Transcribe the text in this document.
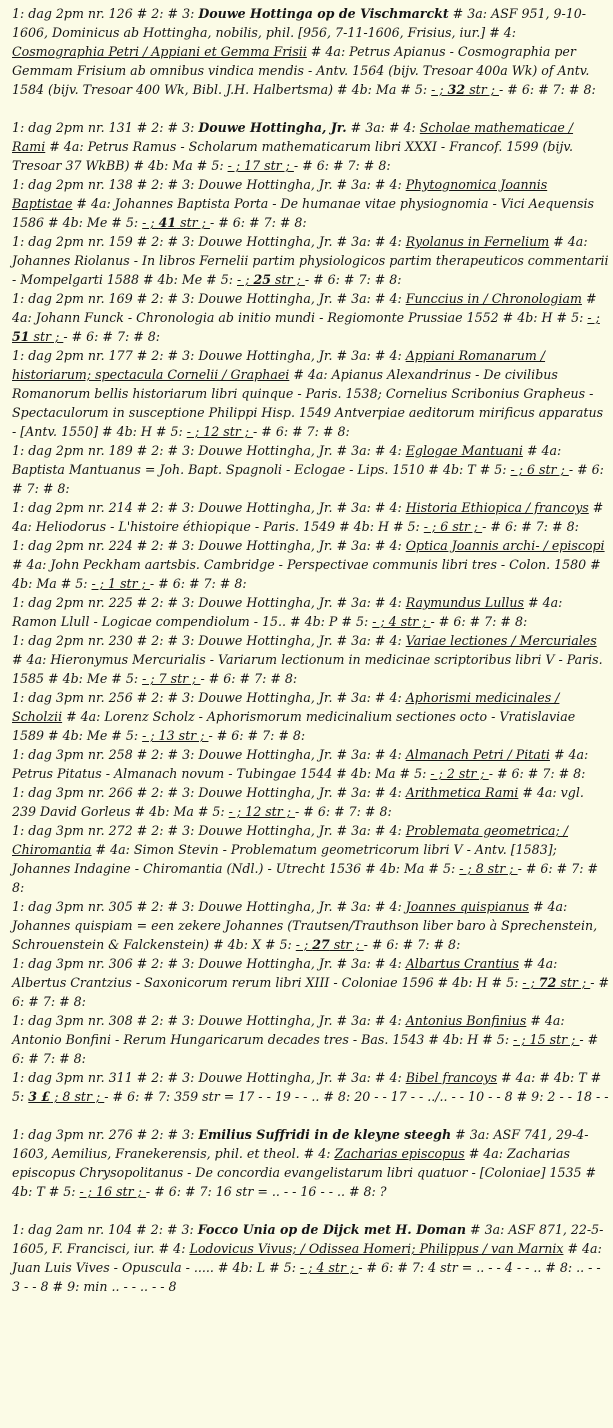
1: dag 2pm nr. 126 # 2: # 3: Douwe Hottinga op de Vischmarckt # 3a: ASF 951, 9-10-1606, Dominicus ab Hottingha, nobilis, phil. [956, 7-11-1606, Frisius, iur.] # 4: Cosmographia Petri / Appiani et Gemma Frisii # 4a: Petrus Apianus - Cosmographia per Gemmam Frisium ab omnibus vindica mendis - Antv. 1564 (bijv. Tresoar 400a Wk) of Antv. 1584 (bijv. Tresoar 400 Wk, Bibl. J.H. Halbertsma) # 4b: Ma # 5: - ; 32 str ; - # 6: # 7: # 8:

1: dag 2pm nr. 131 # 2: # 3: Douwe Hottingha, Jr. # 3a: # 4: Scholae mathematicae / Rami # 4a: Petrus Ramus - Scholarum mathematicarum libri XXXI - Francof. 1599 (bijv. Tresoar 37 WkBB) # 4b: Ma # 5: - ; 17 str ; - # 6: # 7: # 8:

1: dag 2pm nr. 138 # 2: # 3: Douwe Hottingha, Jr. # 3a: # 4: Phytognomica Joannis Baptistae # 4a: Johannes Baptista Porta - De humanae vitae physiognomia - Vici Aequensis 1586 # 4b: Me # 5: - ; 41 str ; - # 6: # 7: # 8:

1: dag 2pm nr. 159 # 2: # 3: Douwe Hottingha, Jr. # 3a: # 4: Ryolanus in Fernelium # 4a: Johannes Riolanus - In libros Fernelii partim physiologicos partim therapeuticos commentarii - Mompelgarti 1588 # 4b: Me # 5: - ; 25 str ; - # 6: # 7: # 8:

1: dag 2pm nr. 169 # 2: # 3: Douwe Hottingha, Jr. # 3a: # 4: Funccius in / Chronologiam # 4a: Johann Funck - Chronologia ab initio mundi - Regiomonte Prussiae 1552 # 4b: H # 5: - ; 51 str ; - # 6: # 7: # 8:

1: dag 2pm nr. 177 # 2: # 3: Douwe Hottingha, Jr. # 3a: # 4: Appiani Romanarum / historiarum; spectacula Cornelii / Graphaei # 4a: Apianus Alexandrinus - De civilibus Romanorum bellis historiarum libri quinque - Paris. 1538; Cornelius Scribonius Grapheus - Spectaculorum in susceptione Philippi Hisp. 1549 Antverpiae aeditorum mirificus apparatus - [Antv. 1550] # 4b: H # 5: - ; 12 str ; - # 6: # 7: # 8:

1: dag 2pm nr. 189 # 2: # 3: Douwe Hottingha, Jr. # 3a: # 4: Eglogae Mantuani # 4a: Baptista Mantuanus = Joh. Bapt. Spagnoli - Eclogae - Lips. 1510 # 4b: T # 5: - ; 6 str ; - # 6: # 7: # 8:

1: dag 2pm nr. 214 # 2: # 3: Douwe Hottingha, Jr. # 3a: # 4: Historia Ethiopica / francoys # 4a: Heliodorus - L'histoire éthiopique - Paris. 1549 # 4b: H # 5: - ; 6 str ; - # 6: # 7: # 8:

1: dag 2pm nr. 224 # 2: # 3: Douwe Hottingha, Jr. # 3a: # 4: Optica Joannis archi- / episcopi # 4a: John Peckham aartsbis. Cambridge - Perspectivae communis libri tres - Colon. 1580 # 4b: Ma # 5: - ; 1 str ; - # 6: # 7: # 8:

1: dag 2pm nr. 225 # 2: # 3: Douwe Hottingha, Jr. # 3a: # 4: Raymundus Lullus # 4a: Ramon Llull - Logicae compendiolum - 15.. # 4b: P # 5: - ; 4 str ; - # 6: # 7: # 8:

1: dag 2pm nr. 230 # 2: # 3: Douwe Hottingha, Jr. # 3a: # 4: Variae lectiones / Mercuriales # 4a: Hieronymus Mercurialis - Variarum lectionum in medicinae scriptoribus libri V - Paris. 1585 # 4b: Me # 5: - ; 7 str ; - # 6: # 7: # 8:

1: dag 3pm nr. 256 # 2: # 3: Douwe Hottingha, Jr. # 3a: # 4: Aphorismi medicinales / Scholzii # 4a: Lorenz Scholz - Aphorismorum medicinalium sectiones octo - Vratislaviae 1589 # 4b: Me # 5: - ; 13 str ; - # 6: # 7: # 8:

1: dag 3pm nr. 258 # 2: # 3: Douwe Hottingha, Jr. # 3a: # 4: Almanach Petri / Pitati # 4a: Petrus Pitatus - Almanach novum - Tubingae 1544 # 4b: Ma # 5: - ; 2 str ; - # 6: # 7: # 8:

1: dag 3pm nr. 266 # 2: # 3: Douwe Hottingha, Jr. # 3a: # 4: Arithmetica Rami # 4a: vgl. 239 David Gorleus # 4b: Ma # 5: - ; 12 str ; - # 6: # 7: # 8:

1: dag 3pm nr. 272 # 2: # 3: Douwe Hottingha, Jr. # 3a: # 4: Problemata geometrica; / Chiromantia # 4a: Simon Stevin - Problematum geometricorum libri V - Antv. [1583]; Johannes Indagine - Chiromantia (Ndl.) - Utrecht 1536 # 4b: Ma # 5: - ; 8 str ; - # 6: # 7: # 8:

1: dag 3pm nr. 305 # 2: # 3: Douwe Hottingha, Jr. # 3a: # 4: Joannes quispianus # 4a: Johannes quispiam = een zekere Johannes (Trautsen/Trauthson liber baro à Sprechenstein, Schrouenstein & Falckenstein) # 4b: X # 5: - ; 27 str ; - # 6: # 7: # 8:

1: dag 3pm nr. 306 # 2: # 3: Douwe Hottingha, Jr. # 3a: # 4: Albartus Crantius # 4a: Albertus Crantzius - Saxonicorum rerum libri XIII - Coloniae 1596 # 4b: H # 5: - ; 72 str ; - # 6: # 7: # 8:

1: dag 3pm nr. 308 # 2: # 3: Douwe Hottingha, Jr. # 3a: # 4: Antonius Bonfinius # 4a: Antonio Bonfini - Rerum Hungaricarum decades tres - Bas. 1543 # 4b: H # 5: - ; 15 str ; - # 6: # 7: # 8:

1: dag 3pm nr. 311 # 2: # 3: Douwe Hottingha, Jr. # 3a: # 4: Bibel francoys # 4a: # 4b: T # 5: 3 £ ; 8 str ; - # 6: # 7: 359 str = 17 - - 19 - - .. # 8: 20 - - 17 - - ../.. - - 10 - - 8 # 9: 2 - - 18 - -

1: dag 3pm nr. 276 # 2: # 3: Emilius Suffridi in de kleyne steegh # 3a: ASF 741, 29-4-1603, Aemilius, Franekerensis, phil. et theol. # 4: Zacharias episcopus # 4a: Zacharias episcopus Chrysopolitanus - De concordia evangelistarum libri quatuor - [Coloniae] 1535 # 4b: T # 5: - ; 16 str ; - # 6: # 7: 16 str = .. - - 16 - - .. # 8: ?

1: dag 2am nr. 104 # 2: # 3: Focco Unia op de Dijck met H. Doman # 3a: ASF 871, 22-5-1605, F. Francisci, iur. # 4: Lodovicus Vivus; / Odissea Homeri; Philippus / van Marnix # 4a: Juan Luis Vives - Opuscula - ..... # 4b: L # 5: - ; 4 str ; - # 6: # 7: 4 str = .. - - 4 - - .. # 8: .. - - 3 - - 8 # 9: min .. - - .. - - 8
